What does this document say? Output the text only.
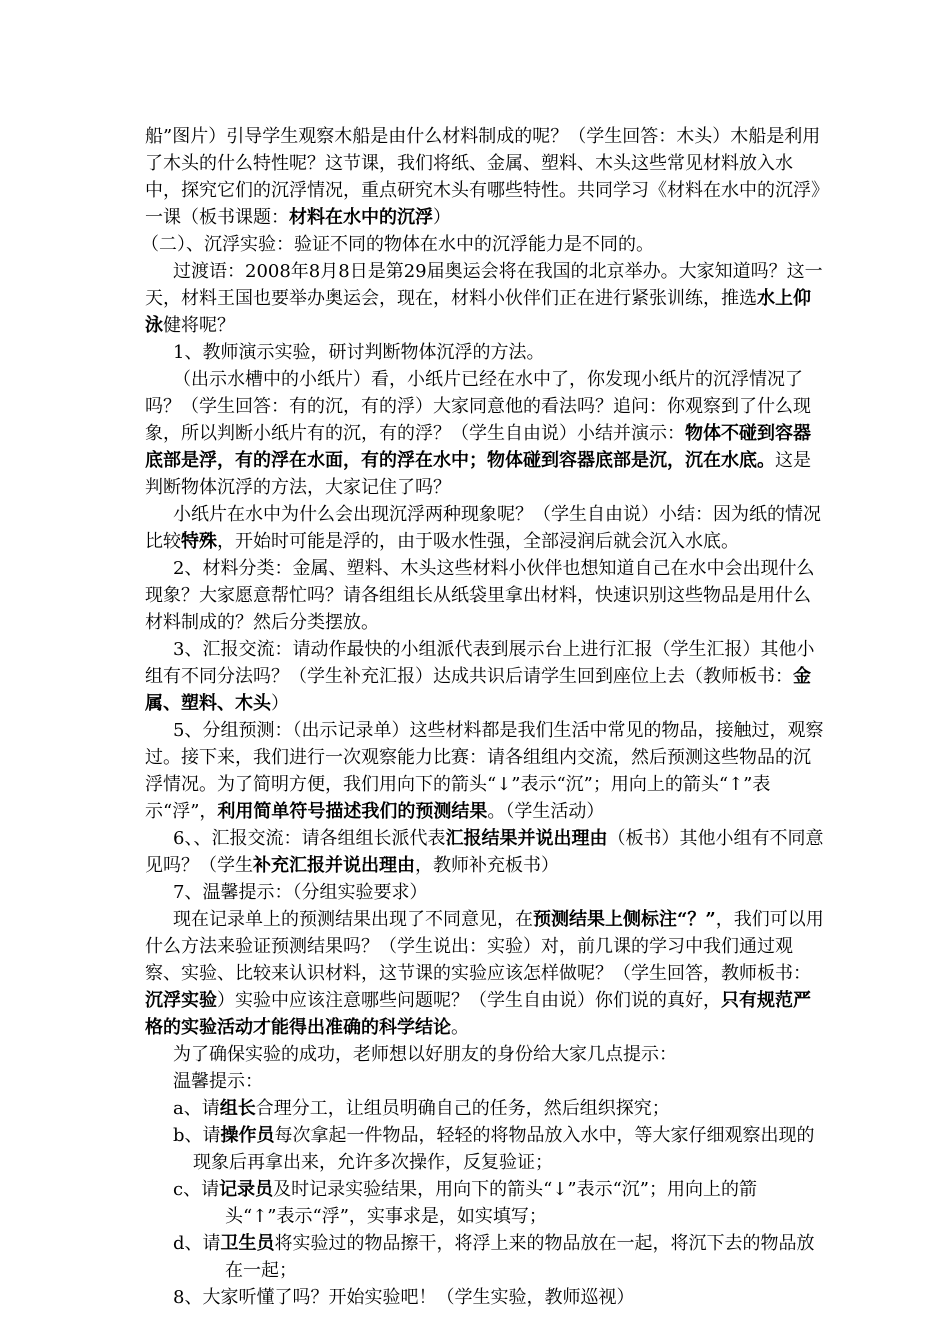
船”图片）引导学生观察木船是由什么材料制成的呢？（学生回答：木头）木船是利用了木头的什么特性呢？这节课，我们将纸、金属、塑料、木头这些常见材料放入水中，探究它们的沉浮情况，重点研究木头有哪些特性。共同学习《材料在水中的沉浮》一课（板书课题：材料在水中的沉浮）

（二）、沉浮实验：验证不同的物体在水中的沉浮能力是不同的。

过渡语：2008年8月8日是第29届奥运会将在我国的北京举办。大家知道吗？这一天，材料王国也要举办奥运会，现在，材料小伙伴们正在进行紧张训练，推选水上仰泳健将呢？

1、教师演示实验，研讨判断物体沉浮的方法。

（出示水槽中的小纸片）看，小纸片已经在水中了，你发现小纸片的沉浮情况了吗？（学生回答：有的沉，有的浮）大家同意他的看法吗？追问：你观察到了什么现象，所以判断小纸片有的沉，有的浮？（学生自由说）小结并演示：物体不碰到容器底部是浮，有的浮在水面，有的浮在水中；物体碰到容器底部是沉，沉在水底。这是判断物体沉浮的方法，大家记住了吗？

小纸片在水中为什么会出现沉浮两种现象呢？（学生自由说）小结：因为纸的情况比较特殊，开始时可能是浮的，由于吸水性强，全部浸润后就会沉入水底。

2、材料分类：金属、塑料、木头这些材料小伙伴也想知道自己在水中会出现什么现象？大家愿意帮忙吗？请各组组长从纸袋里拿出材料，快速识别这些物品是用什么材料制成的？然后分类摆放。

3、汇报交流：请动作最快的小组派代表到展示台上进行汇报（学生汇报）其他小组有不同分法吗？（学生补充汇报）达成共识后请学生回到座位上去（教师板书：金属、塑料、木头）

5、分组预测：（出示记录单）这些材料都是我们生活中常见的物品，接触过，观察过。接下来，我们进行一次观察能力比赛：请各组组内交流，然后预测这些物品的沉浮情况。为了简明方便，我们用向下的箭头“↓”表示“沉”；用向上的箭头“↑”表示“浮”，利用简单符号描述我们的预测结果。（学生活动）

6、、汇报交流：请各组组长派代表汇报结果并说出理由（板书）其他小组有不同意见吗？（学生补充汇报并说出理由，教师补充板书）

7、温馨提示：（分组实验要求）

现在记录单上的预测结果出现了不同意见，在预测结果上侧标注“？”，我们可以用什么方法来验证预测结果吗？（学生说出：实验）对，前几课的学习中我们通过观察、实验、比较来认识材料，这节课的实验应该怎样做呢？（学生回答，教师板书：沉浮实验）实验中应该注意哪些问题呢？（学生自由说）你们说的真好，只有规范严格的实验活动才能得出准确的科学结论。

为了确保实验的成功，老师想以好朋友的身份给大家几点提示：

温馨提示：

a、请组长合理分工，让组员明确自己的任务，然后组织探究；

b、请操作员每次拿起一件物品，轻轻的将物品放入水中，等大家仔细观察出现的现象后再拿出来，允许多次操作，反复验证；

c、请记录员及时记录实验结果，用向下的箭头“↓”表示“沉”；用向上的箭头“↑”表示“浮”，实事求是，如实填写；

d、请卫生员将实验过的物品擦干，将浮上来的物品放在一起，将沉下去的物品放在一起；

8、大家听懂了吗？开始实验吧！（学生实验，教师巡视）
